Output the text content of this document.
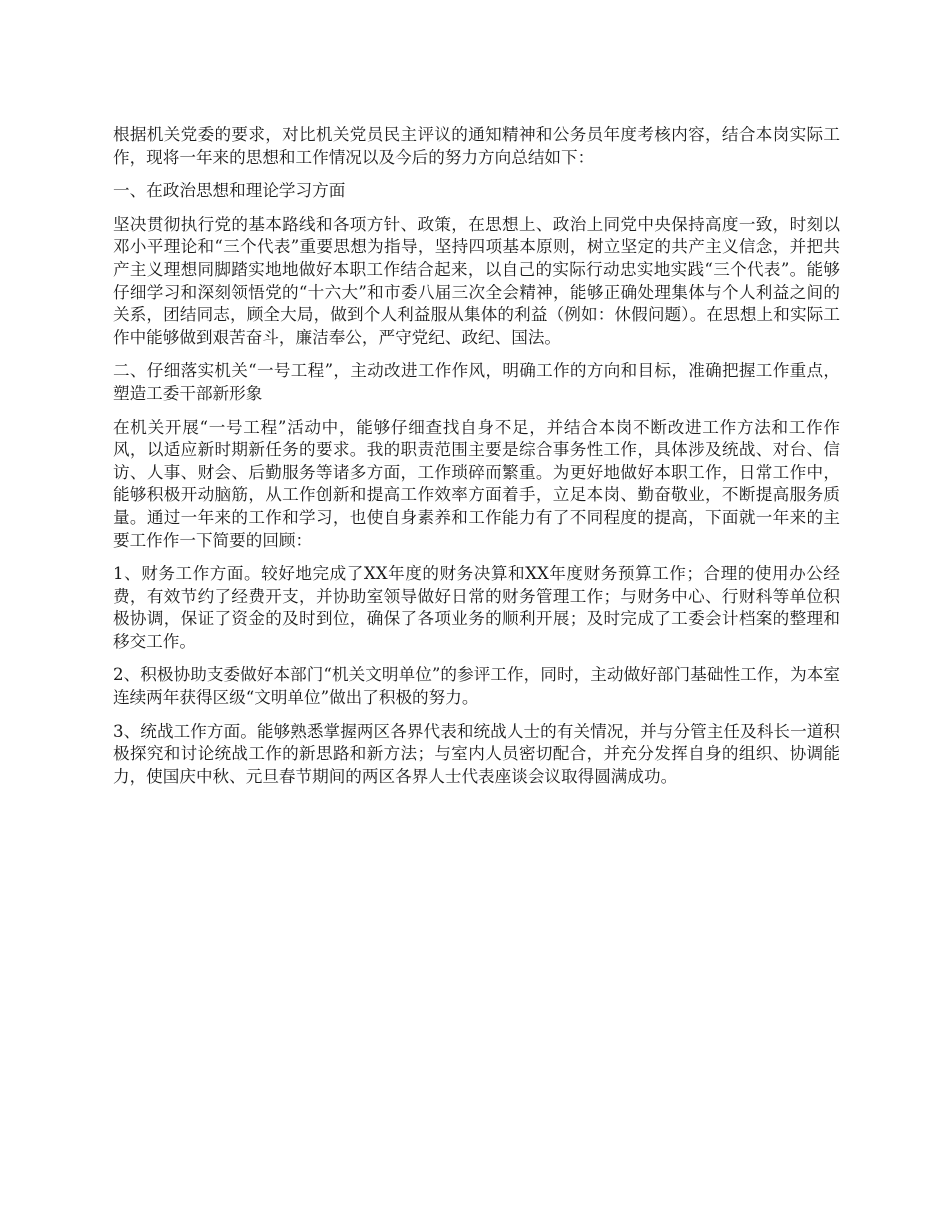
根据机关党委的要求，对比机关党员民主评议的通知精神和公务员年度考核内容，结合本岗实际工作，现将一年来的思想和工作情况以及今后的努力方向总结如下：

一、在政治思想和理论学习方面

坚决贯彻执行党的基本路线和各项方针、政策，在思想上、政治上同党中央保持高度一致，时刻以邓小平理论和“三个代表”重要思想为指导，坚持四项基本原则，树立坚定的共产主义信念，并把共产主义理想同脚踏实地地做好本职工作结合起来，以自己的实际行动忠实地实践“三个代表”。能够仔细学习和深刻领悟党的“十六大”和市委八届三次全会精神，能够正确处理集体与个人利益之间的关系，团结同志，顾全大局，做到个人利益服从集体的利益（例如：休假问题）。在思想上和实际工作中能够做到艰苦奋斗，廉洁奉公，严守党纪、政纪、国法。

二、仔细落实机关“一号工程”，主动改进工作作风，明确工作的方向和目标，准确把握工作重点，塑造工委干部新形象

在机关开展“一号工程”活动中，能够仔细查找自身不足，并结合本岗不断改进工作方法和工作作风，以适应新时期新任务的要求。我的职责范围主要是综合事务性工作，具体涉及统战、对台、信访、人事、财会、后勤服务等诸多方面，工作琐碎而繁重。为更好地做好本职工作，日常工作中，能够积极开动脑筋，从工作创新和提高工作效率方面着手，立足本岗、勤奋敬业，不断提高服务质量。通过一年来的工作和学习，也使自身素养和工作能力有了不同程度的提高，下面就一年来的主要工作作一下简要的回顾：

1、财务工作方面。较好地完成了XX年度的财务决算和XX年度财务预算工作；合理的使用办公经费，有效节约了经费开支，并协助室领导做好日常的财务管理工作；与财务中心、行财科等单位积极协调，保证了资金的及时到位，确保了各项业务的顺利开展；及时完成了工委会计档案的整理和移交工作。

2、积极协助支委做好本部门“机关文明单位”的参评工作，同时，主动做好部门基础性工作，为本室连续两年获得区级“文明单位”做出了积极的努力。

3、统战工作方面。能够熟悉掌握两区各界代表和统战人士的有关情况，并与分管主任及科长一道积极探究和讨论统战工作的新思路和新方法；与室内人员密切配合，并充分发挥自身的组织、协调能力，使国庆中秋、元旦春节期间的两区各界人士代表座谈会议取得圆满成功。
